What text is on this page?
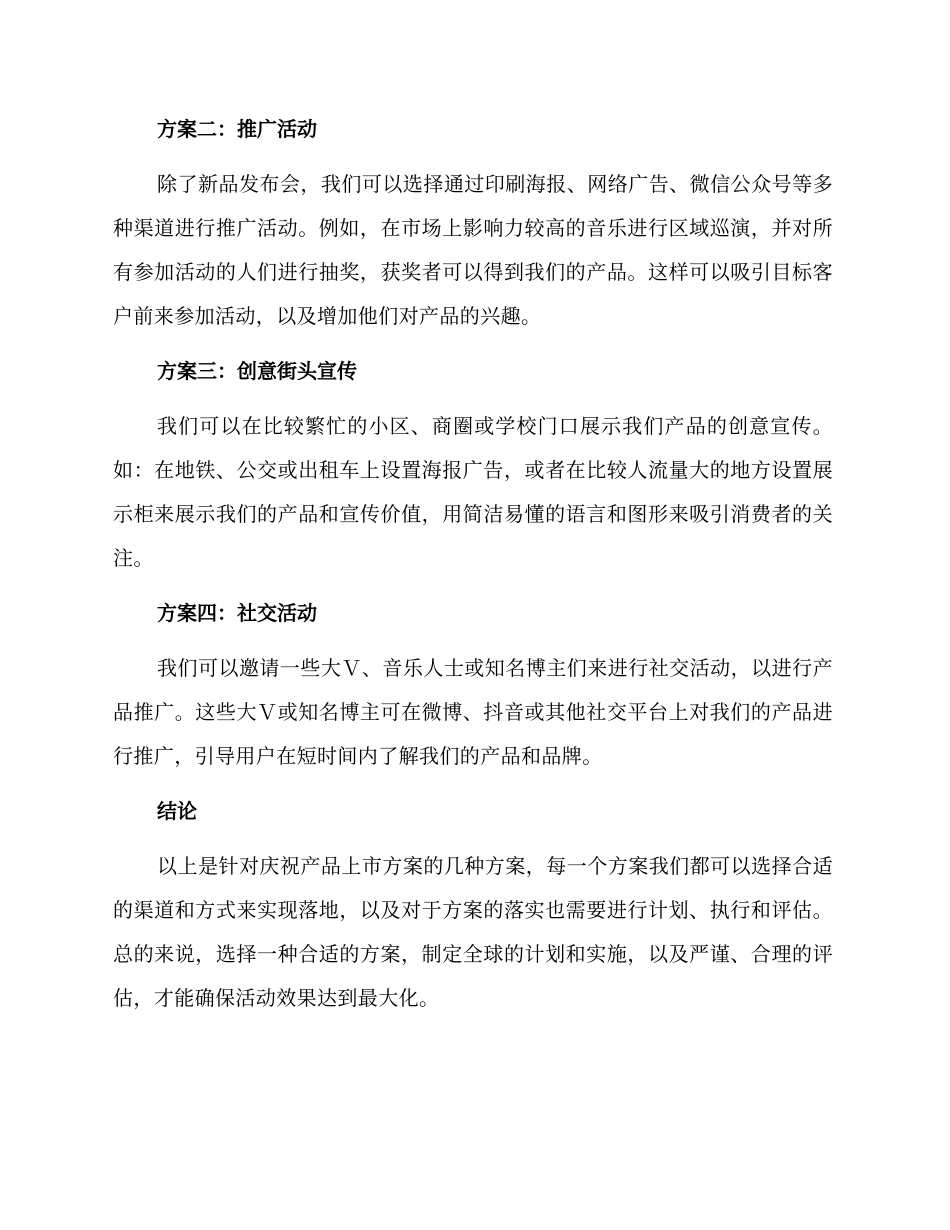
方案二：推广活动
除了新品发布会，我们可以选择通过印刷海报、网络广告、微信公众号等多种渠道进行推广活动。例如，在市场上影响力较高的音乐进行区域巡演，并对所有参加活动的人们进行抽奖，获奖者可以得到我们的产品。这样可以吸引目标客户前来参加活动，以及增加他们对产品的兴趣。
方案三：创意街头宣传
我们可以在比较繁忙的小区、商圈或学校门口展示我们产品的创意宣传。如：在地铁、公交或出租车上设置海报广告，或者在比较人流量大的地方设置展示柜来展示我们的产品和宣传价值，用简洁易懂的语言和图形来吸引消费者的关注。
方案四：社交活动
我们可以邀请一些大Ｖ、音乐人士或知名博主们来进行社交活动，以进行产品推广。这些大Ｖ或知名博主可在微博、抖音或其他社交平台上对我们的产品进行推广，引导用户在短时间内了解我们的产品和品牌。
结论
以上是针对庆祝产品上市方案的几种方案，每一个方案我们都可以选择合适的渠道和方式来实现落地，以及对于方案的落实也需要进行计划、执行和评估。总的来说，选择一种合适的方案，制定全球的计划和实施，以及严谨、合理的评估，才能确保活动效果达到最大化。
